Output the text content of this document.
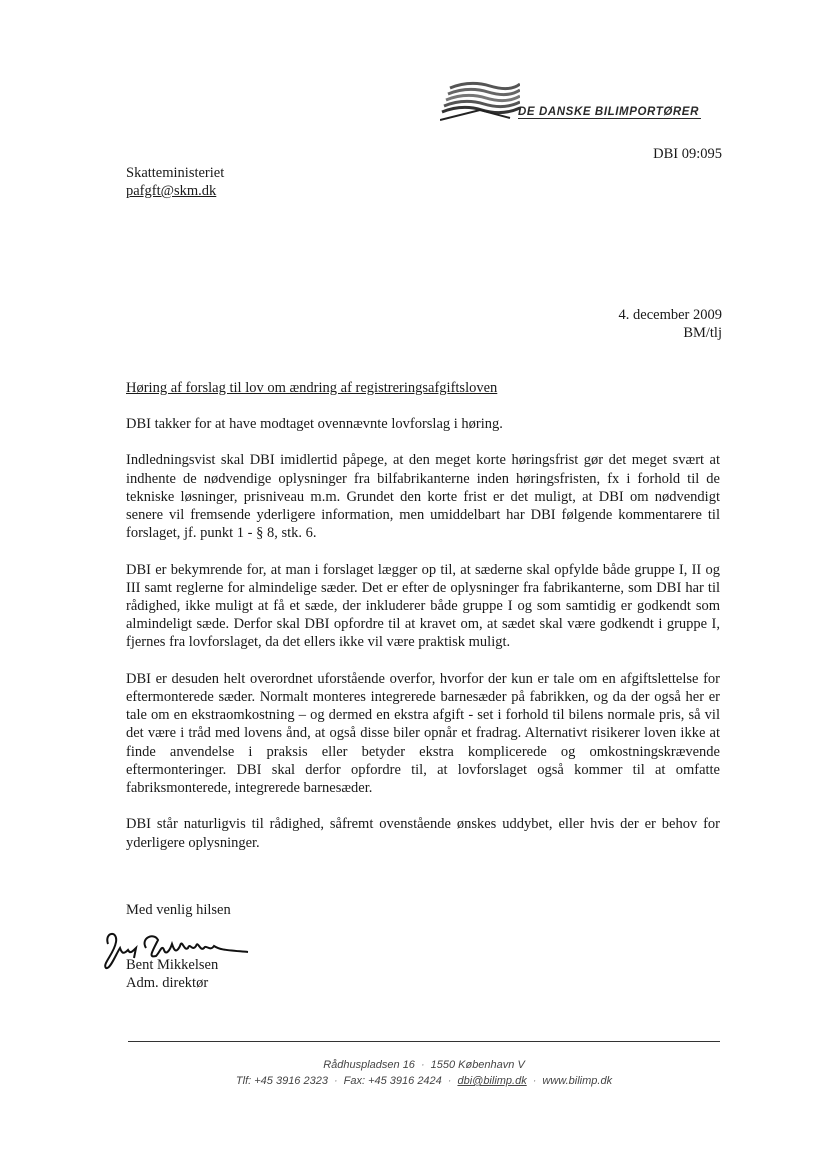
DE DANSKE BILIMPORTØRER
DBI 09:095
Skatteministeriet
pafgft@skm.dk
4. december 2009
BM/tlj
Høring af forslag til lov om ændring af registreringsafgiftsloven

DBI takker for at have modtaget ovennævnte lovforslag i høring.

Indledningsvist skal DBI imidlertid påpege, at den meget korte høringsfrist gør det meget svært at indhente de nødvendige oplysninger fra bilfabrikanterne inden høringsfristen, fx i forhold til de tekniske løsninger, prisniveau m.m. Grundet den korte frist er det muligt, at DBI om nødvendigt senere vil fremsende yderligere information, men umiddelbart har DBI følgende kommentarere til forslaget, jf. punkt 1 - § 8, stk. 6.

DBI er bekymrende for, at man i forslaget lægger op til, at sæderne skal opfylde både gruppe I, II og III samt reglerne for almindelige sæder. Det er efter de oplysninger fra fabrikanterne, som DBI har til rådighed, ikke muligt at få et sæde, der inkluderer både gruppe I og som samtidig er godkendt som almindeligt sæde. Derfor skal DBI opfordre til at kravet om, at sædet skal være godkendt i gruppe I, fjernes fra lovforslaget, da det ellers ikke vil være praktisk muligt.

DBI er desuden helt overordnet uforstående overfor, hvorfor der kun er tale om en afgiftslettelse for eftermonterede sæder. Normalt monteres integrerede barnesæder på fabrikken, og da der også her er tale om en ekstraomkostning – og dermed en ekstra afgift - set i forhold til bilens normale pris, så vil det være i tråd med lovens ånd, at også disse biler opnår et fradrag. Alternativt risikerer loven ikke at finde anvendelse i praksis eller betyder ekstra komplicerede og omkostningskrævende eftermonteringer. DBI skal derfor opfordre til, at lovforslaget også kommer til at omfatte fabriksmonterede, integrerede barnesæder.

DBI står naturligvis til rådighed, såfremt ovenstående ønskes uddybet, eller hvis der er behov for yderligere oplysninger.

Med venlig hilsen
Bent Mikkelsen
Adm. direktør
Rådhuspladsen 16 · 1550 København V
Tlf: +45 3916 2323 · Fax: +45 3916 2424 · dbi@bilimp.dk · www.bilimp.dk
